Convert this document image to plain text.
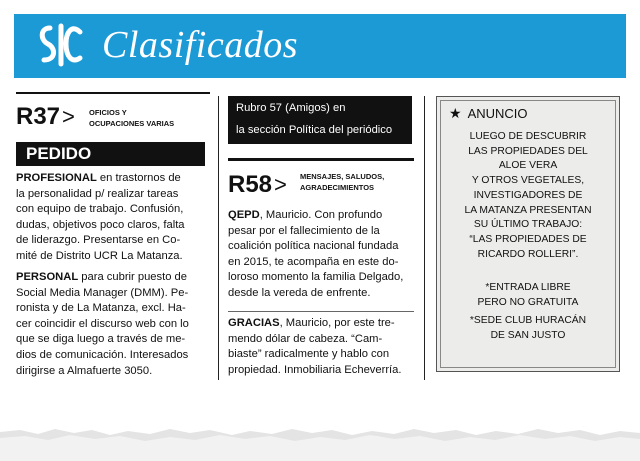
Clasificados
R37> OFICIOS Y
OCUPACIONES VARIAS
PEDIDO
PROFESIONAL en trastornos de
la personalidad p/ realizar tareas
con equipo de trabajo. Confusión,
dudas, objetivos poco claros, falta
de liderazgo. Presentarse en Co-
mité de Distrito UCR La Matanza.
PERSONAL para cubrir puesto de
Social Media Manager (DMM). Pe-
ronista y de La Matanza, excl. Ha-
cer coincidir el discurso web con lo
que se diga luego a través de me-
dios de comunicación. Interesados
dirigirse a Almafuerte 3050.
Rubro 57 (Amigos) en
la sección Política del periódico
R58> MENSAJES, SALUDOS,
AGRADECIMIENTOS
QEPD, Mauricio. Con profundo
pesar por el fallecimiento de la
coalición política nacional fundada
en 2015, te acompaña en este do-
loroso momento la familia Delgado,
desde la vereda de enfrente.
GRACIAS, Mauricio, por este tre-
mendo dólar de cabeza. “Cam-
biaste” radicalmente y hablo con
propiedad. Inmobiliaria Echeverría.
★ ANUNCIO
LUEGO DE DESCUBRIR
LAS PROPIEDADES DEL
ALOE VERA
Y OTROS VEGETALES,
INVESTIGADORES DE
LA MATANZA PRESENTAN
SU ÚLTIMO TRABAJO:
“LAS PROPIEDADES DE
RICARDO ROLLERI”.
*ENTRADA LIBRE
PERO NO GRATUITA
*SEDE CLUB HURACÁN
DE SAN JUSTO
